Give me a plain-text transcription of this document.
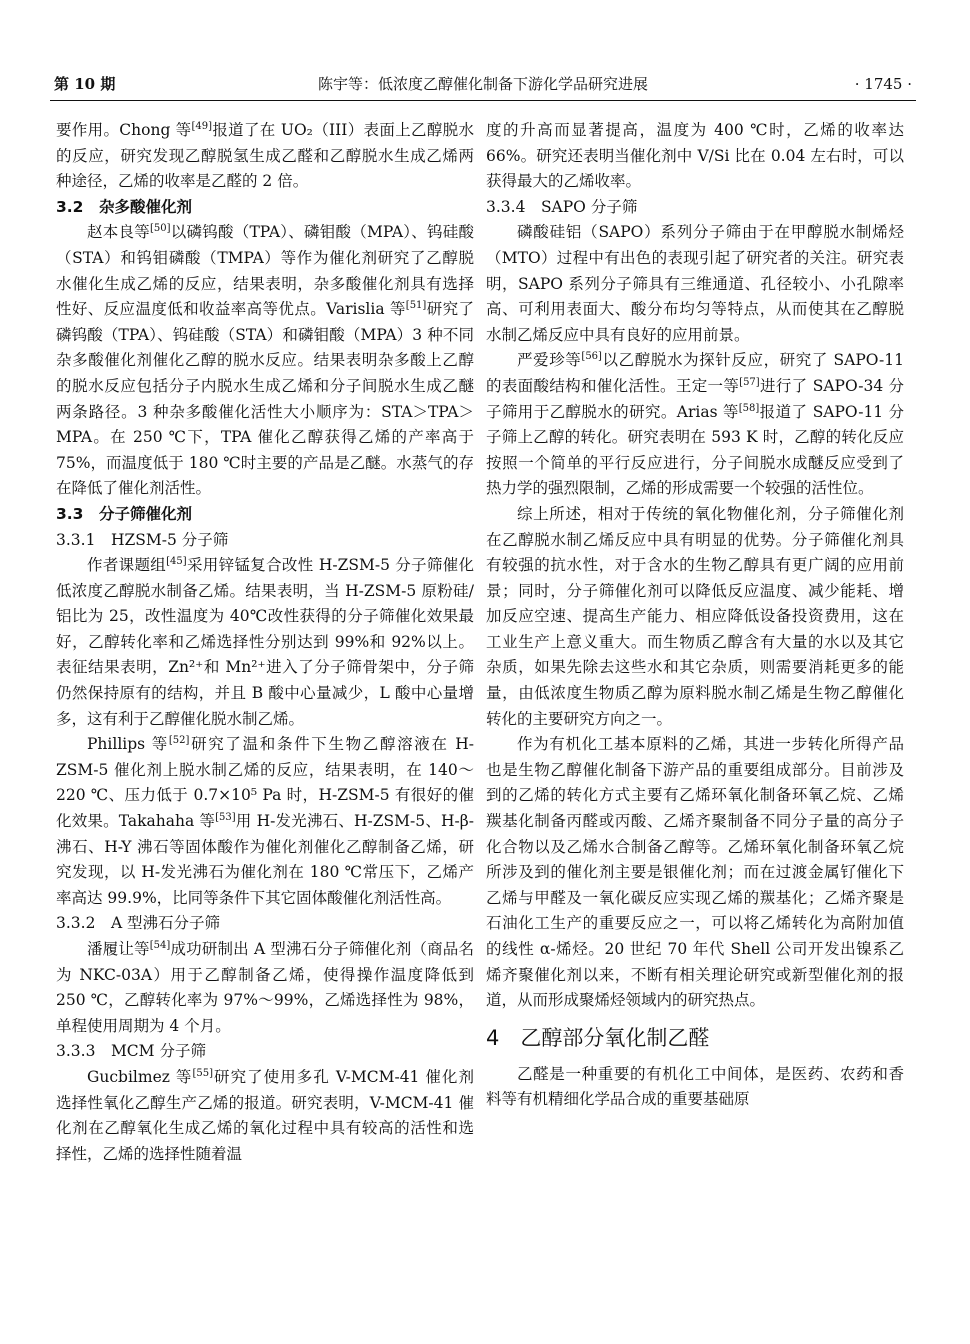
第 10 期	陈宇等：低浓度乙醇催化制备下游化学品研究进展	· 1745 ·

要作用。Chong 等[49]报道了在 UO₂（III）表面上乙醇脱水的反应，研究发现乙醇脱氢生成乙醛和乙醇脱水生成乙烯两种途径，乙烯的收率是乙醛的 2 倍。

3.2　杂多酸催化剂

赵本良等[50]以磷钨酸（TPA）、磷钼酸（MPA）、钨硅酸（STA）和钨钼磷酸（TMPA）等作为催化剂研究了乙醇脱水催化生成乙烯的反应，结果表明，杂多酸催化剂具有选择性好、反应温度低和收益率高等优点。Varislia 等[51]研究了磷钨酸（TPA）、钨硅酸（STA）和磷钼酸（MPA）3 种不同杂多酸催化剂催化乙醇的脱水反应。结果表明杂多酸上乙醇的脱水反应包括分子内脱水生成乙烯和分子间脱水生成乙醚两条路径。3 种杂多酸催化活性大小顺序为：STA＞TPA＞MPA。在 250 ℃下，TPA 催化乙醇获得乙烯的产率高于 75%，而温度低于 180 ℃时主要的产品是乙醚。水蒸气的存在降低了催化剂活性。

3.3　分子筛催化剂
3.3.1　HZSM-5 分子筛

作者课题组[45]采用锌锰复合改性 H-ZSM-5 分子筛催化低浓度乙醇脱水制备乙烯。结果表明，当 H-ZSM-5 原粉硅/铝比为 25，改性温度为 40℃改性获得的分子筛催化效果最好，乙醇转化率和乙烯选择性分别达到 99%和 92%以上。表征结果表明，Zn²⁺和 Mn²⁺进入了分子筛骨架中，分子筛仍然保持原有的结构，并且 B 酸中心量减少，L 酸中心量增多，这有利于乙醇催化脱水制乙烯。

Phillips 等[52]研究了温和条件下生物乙醇溶液在 H-ZSM-5 催化剂上脱水制乙烯的反应，结果表明，在 140～220 ℃、压力低于 0.7×10⁵ Pa 时，H-ZSM-5 有很好的催化效果。Takahaha 等[53]用 H-发光沸石、H-ZSM-5、H-β-沸石、H-Y 沸石等固体酸作为催化剂催化乙醇制备乙烯，研究发现，以 H-发光沸石为催化剂在 180 ℃常压下，乙烯产率高达 99.9%，比同等条件下其它固体酸催化剂活性高。

3.3.2　A 型沸石分子筛

潘履让等[54]成功研制出 A 型沸石分子筛催化剂（商品名为 NKC-03A）用于乙醇制备乙烯，使得操作温度降低到 250 ℃，乙醇转化率为 97%～99%，乙烯选择性为 98%，单程使用周期为 4 个月。

3.3.3　MCM 分子筛

Gucbilmez 等[55]研究了使用多孔 V-MCM-41 催化剂选择性氧化乙醇生产乙烯的报道。研究表明，V-MCM-41 催化剂在乙醇氧化生成乙烯的氧化过程中具有较高的活性和选择性，乙烯的选择性随着温

度的升高而显著提高，温度为 400 ℃时，乙烯的收率达 66%。研究还表明当催化剂中 V/Si 比在 0.04 左右时，可以获得最大的乙烯收率。

3.3.4　SAPO 分子筛

磷酸硅铝（SAPO）系列分子筛由于在甲醇脱水制烯烃（MTO）过程中有出色的表现引起了研究者的关注。研究表明，SAPO 系列分子筛具有三维通道、孔径较小、小孔隙率高、可利用表面大、酸分布均匀等特点，从而使其在乙醇脱水制乙烯反应中具有良好的应用前景。

严爱珍等[56]以乙醇脱水为探针反应，研究了 SAPO-11 的表面酸结构和催化活性。王定一等[57]进行了 SAPO-34 分子筛用于乙醇脱水的研究。Arias 等[58]报道了 SAPO-11 分子筛上乙醇的转化。研究表明在 593 K 时，乙醇的转化反应按照一个简单的平行反应进行，分子间脱水成醚反应受到了热力学的强烈限制，乙烯的形成需要一个较强的活性位。

综上所述，相对于传统的氧化物催化剂，分子筛催化剂在乙醇脱水制乙烯反应中具有明显的优势。分子筛催化剂具有较强的抗水性，对于含水的生物乙醇具有更广阔的应用前景；同时，分子筛催化剂可以降低反应温度、减少能耗、增加反应空速、提高生产能力、相应降低设备投资费用，这在工业生产上意义重大。而生物质乙醇含有大量的水以及其它杂质，如果先除去这些水和其它杂质，则需要消耗更多的能量，由低浓度生物质乙醇为原料脱水制乙烯是生物乙醇催化转化的主要研究方向之一。

作为有机化工基本原料的乙烯，其进一步转化所得产品也是生物乙醇催化制备下游产品的重要组成部分。目前涉及到的乙烯的转化方式主要有乙烯环氧化制备环氧乙烷、乙烯羰基化制备丙醛或丙酸、乙烯齐聚制备不同分子量的高分子化合物以及乙烯水合制备乙醇等。乙烯环氧化制备环氧乙烷所涉及到的催化剂主要是银催化剂；而在过渡金属钌催化下乙烯与甲醛及一氧化碳反应实现乙烯的羰基化；乙烯齐聚是石油化工生产的重要反应之一，可以将乙烯转化为高附加值的线性 α-烯烃。20 世纪 70 年代 Shell 公司开发出镍系乙烯齐聚催化剂以来，不断有相关理论研究或新型催化剂的报道，从而形成聚烯烃领域内的研究热点。

4　乙醇部分氧化制乙醛

乙醛是一种重要的有机化工中间体，是医药、农药和香料等有机精细化学品合成的重要基础原
